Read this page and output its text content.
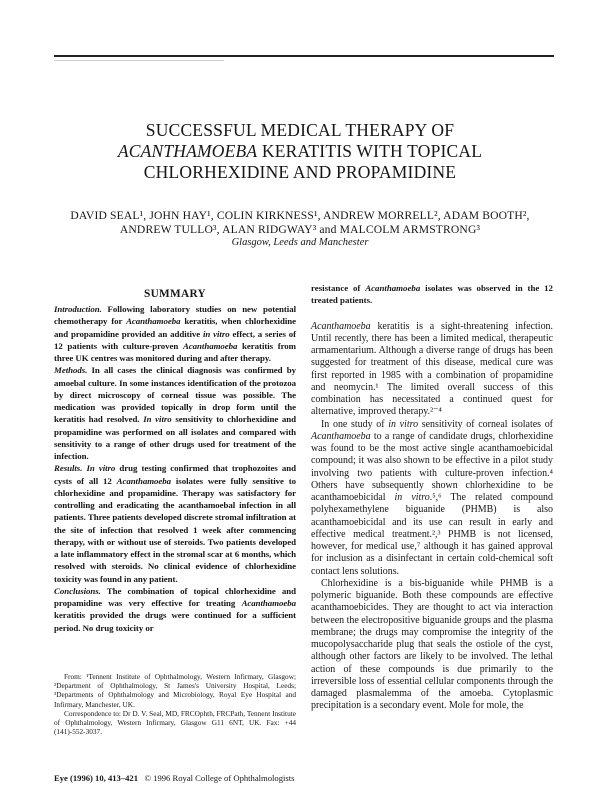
SUCCESSFUL MEDICAL THERAPY OF
ACANTHAMOEBA KERATITIS WITH TOPICAL
CHLORHEXIDINE AND PROPAMIDINE
DAVID SEAL¹, JOHN HAY¹, COLIN KIRKNESS¹, ANDREW MORRELL², ADAM BOOTH²,
ANDREW TULLO³, ALAN RIDGWAY³ and MALCOLM ARMSTRONG³
Glasgow, Leeds and Manchester
SUMMARY

Introduction. Following laboratory studies on new potential chemotherapy for Acanthamoeba keratitis, when chlorhexidine and propamidine provided an additive in vitro effect, a series of 12 patients with culture-proven Acanthamoeba keratitis from three UK centres was monitored during and after therapy.

Methods. In all cases the clinical diagnosis was confirmed by amoebal culture. In some instances identification of the protozoa by direct microscopy of corneal tissue was possible. The medication was provided topically in drop form until the keratitis had resolved. In vitro sensitivity to chlorhexidine and propamidine was performed on all isolates and compared with sensitivity to a range of other drugs used for treatment of the infection.

Results. In vitro drug testing confirmed that trophozoites and cysts of all 12 Acanthamoeba isolates were fully sensitive to chlorhexidine and propamidine. Therapy was satisfactory for controlling and eradicating the acanthamoebal infection in all patients. Three patients developed discrete stromal infiltration at the site of infection that resolved 1 week after commencing therapy, with or without use of steroids. Two patients developed a late inflammatory effect in the stromal scar at 6 months, which resolved with steroids. No clinical evidence of chlorhexidine toxicity was found in any patient.

Conclusions. The combination of topical chlorhexidine and propamidine was very effective for treating Acanthamoeba keratitis provided the drugs were continued for a sufficient period. No drug toxicity or

From: ¹Tennent Institute of Ophthalmology, Western Infirmary, Glasgow; ²Department of Ophthalmology, St James's University Hospital, Leeds; ³Departments of Ophthalmology and Microbiology, Royal Eye Hospital and Infirmary, Manchester, UK.

Correspondence to: Dr D. V. Seal, MD, FRCOphth, FRCPath, Tennent Institute of Ophthalmology, Western Infirmary, Glasgow G11 6NT, UK. Fax: +44 (141)-552-3037.

resistance of Acanthamoeba isolates was observed in the 12 treated patients.

Acanthamoeba keratitis is a sight-threatening infection. Until recently, there has been a limited medical, therapeutic armamentarium. Although a diverse range of drugs has been suggested for treatment of this disease, medical cure was first reported in 1985 with a combination of propamidine and neomycin.¹ The limited overall success of this combination has necessitated a continued quest for alternative, improved therapy.²⁻⁴

In one study of in vitro sensitivity of corneal isolates of Acanthamoeba to a range of candidate drugs, chlorhexidine was found to be the most active single acanthamoebicidal compound; it was also shown to be effective in a pilot study involving two patients with culture-proven infection.⁴ Others have subsequently shown chlorhexidine to be acanthamoebicidal in vitro.⁵,⁶ The related compound polyhexamethylene biguanide (PHMB) is also acanthamoebicidal and its use can result in early and effective medical treatment.²,³ PHMB is not licensed, however, for medical use,⁷ although it has gained approval for inclusion as a disinfectant in certain cold-chemical soft contact lens solutions.

Chlorhexidine is a bis-biguanide while PHMB is a polymeric biguanide. Both these compounds are effective acanthamoebicides. They are thought to act via interaction between the electropositive biguanide groups and the plasma membrane; the drugs may compromise the integrity of the mucopolysaccharide plug that seals the ostiole of the cyst, although other factors are likely to be involved. The lethal action of these compounds is due primarily to the irreversible loss of essential cellular components through the damaged plasmalemma of the amoeba. Cytoplasmic precipitation is a secondary event. Mole for mole, the

Eye (1996) 10, 413–421 © 1996 Royal College of Ophthalmologists
